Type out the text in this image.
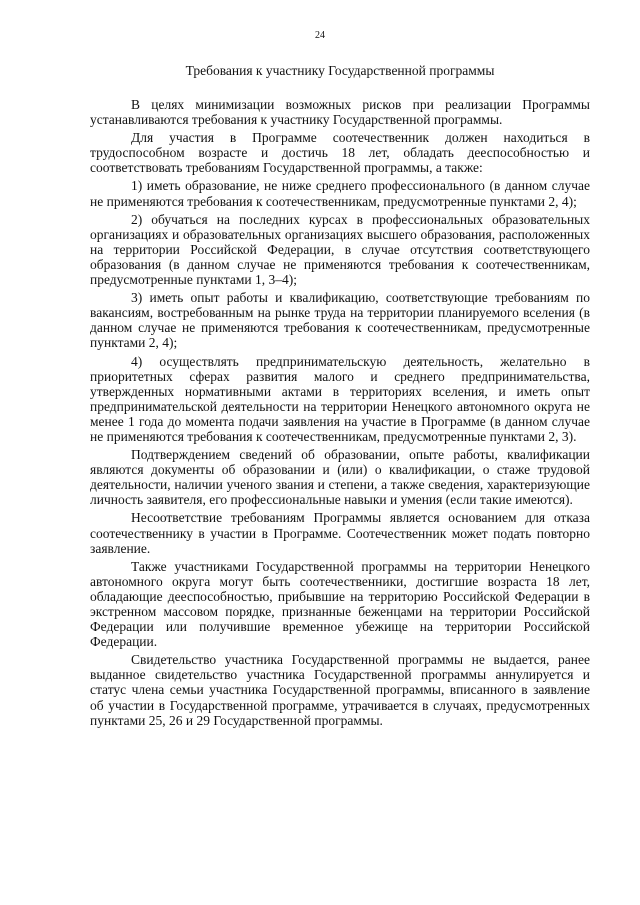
24
Требования к участнику Государственной программы

В целях минимизации возможных рисков при реализации Программы устанавливаются требования к участнику Государственной программы.

Для участия в Программе соотечественник должен находиться в трудоспособном возрасте и достичь 18 лет, обладать дееспособностью и соответствовать требованиям Государственной программы, а также:

1) иметь образование, не ниже среднего профессионального (в данном случае не применяются требования к соотечественникам, предусмотренные пунктами 2, 4);

2) обучаться на последних курсах в профессиональных образовательных организациях и образовательных организациях высшего образования, расположенных на территории Российской Федерации, в случае отсутствия соответствующего образования (в данном случае не применяются требования к соотечественникам, предусмотренные пунктами 1, 3–4);

3) иметь опыт работы и квалификацию, соответствующие требованиям по вакансиям, востребованным на рынке труда на территории планируемого вселения (в данном случае не применяются требования к соотечественникам, предусмотренные пунктами 2, 4);

4) осуществлять предпринимательскую деятельность, желательно в приоритетных сферах развития малого и среднего предпринимательства, утвержденных нормативными актами в территориях вселения, и иметь опыт предпринимательской деятельности на территории Ненецкого автономного округа не менее 1 года до момента подачи заявления на участие в Программе (в данном случае не применяются требования к соотечественникам, предусмотренные пунктами 2, 3).

Подтверждением сведений об образовании, опыте работы, квалификации являются документы об образовании и (или) о квалификации, о стаже трудовой деятельности, наличии ученого звания и степени, а также сведения, характеризующие личность заявителя, его профессиональные навыки и умения (если такие имеются).

Несоответствие требованиям Программы является основанием для отказа соотечественнику в участии в Программе. Соотечественник может подать повторно заявление.

Также участниками Государственной программы на территории Ненецкого автономного округа могут быть соотечественники, достигшие возраста 18 лет, обладающие дееспособностью, прибывшие на территорию Российской Федерации в экстренном массовом порядке, признанные беженцами на территории Российской Федерации или получившие временное убежище на территории Российской Федерации.

Свидетельство участника Государственной программы не выдается, ранее выданное свидетельство участника Государственной программы аннулируется и статус члена семьи участника Государственной программы, вписанного в заявление об участии в Государственной программе, утрачивается в случаях, предусмотренных пунктами 25, 26 и 29 Государственной программы.
